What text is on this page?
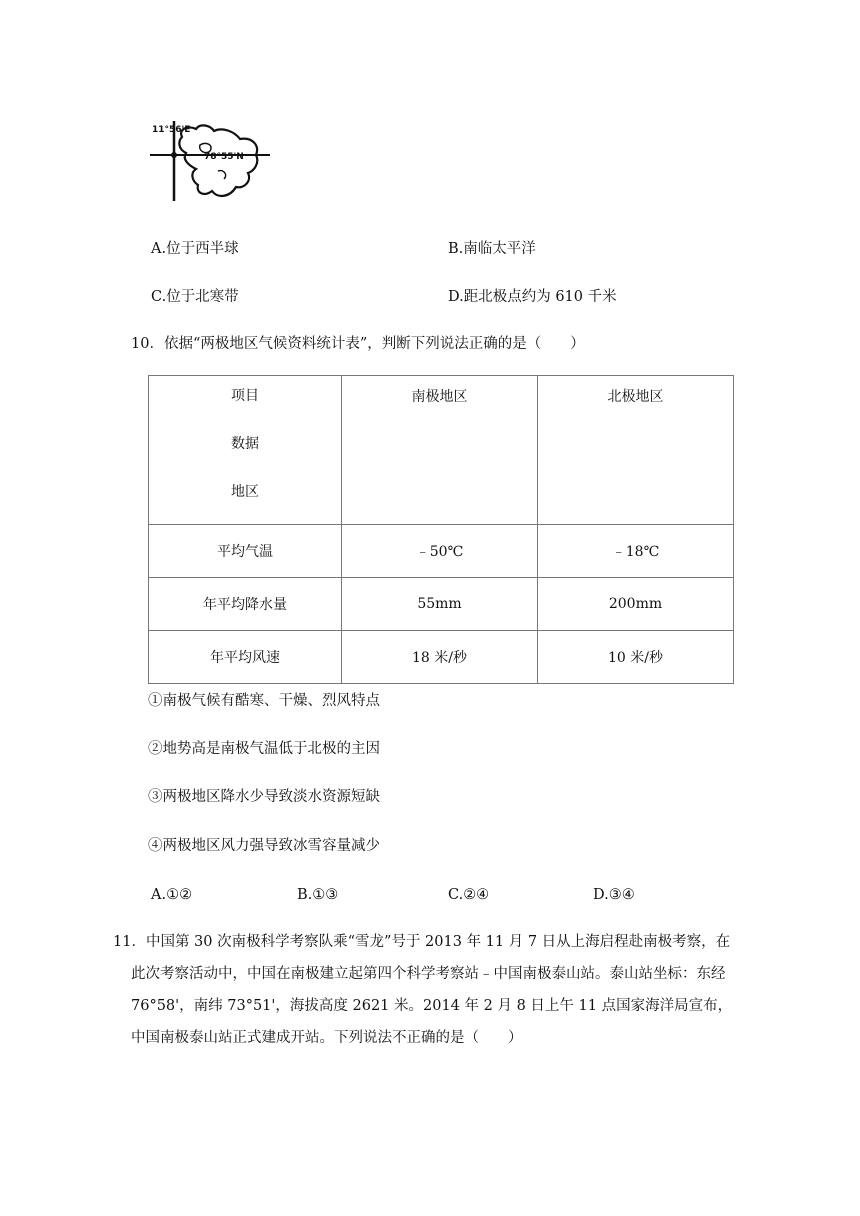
11°56'E
78°55'N
A.位于西半球	B.南临太平洋
C.位于北寒带	D.距北极点约为 610 千米
10．依据“两极地区气候资料统计表”，判断下列说法正确的是（　　）
项目
数据
地区	南极地区	北极地区
平均气温	﹣50℃	﹣18℃
年平均降水量	55mm	200mm
年平均风速	18 米/秒	10 米/秒
①南极气候有酷寒、干燥、烈风特点
②地势高是南极气温低于北极的主因
③两极地区降水少导致淡水资源短缺
④两极地区风力强导致冰雪容量减少
A.①②	B.①③	C.②④	D.③④
11．中国第 30 次南极科学考察队乘“雪龙”号于 2013 年 11 月 7 日从上海启程赴南极考察，在此次考察活动中，中国在南极建立起第四个科学考察站﹣中国南极泰山站。泰山站坐标：东经 76°58'，南纬 73°51'，海拔高度 2621 米。2014 年 2 月 8 日上午 11 点国家海洋局宣布，中国南极泰山站正式建成开站。下列说法不正确的是（　　）
